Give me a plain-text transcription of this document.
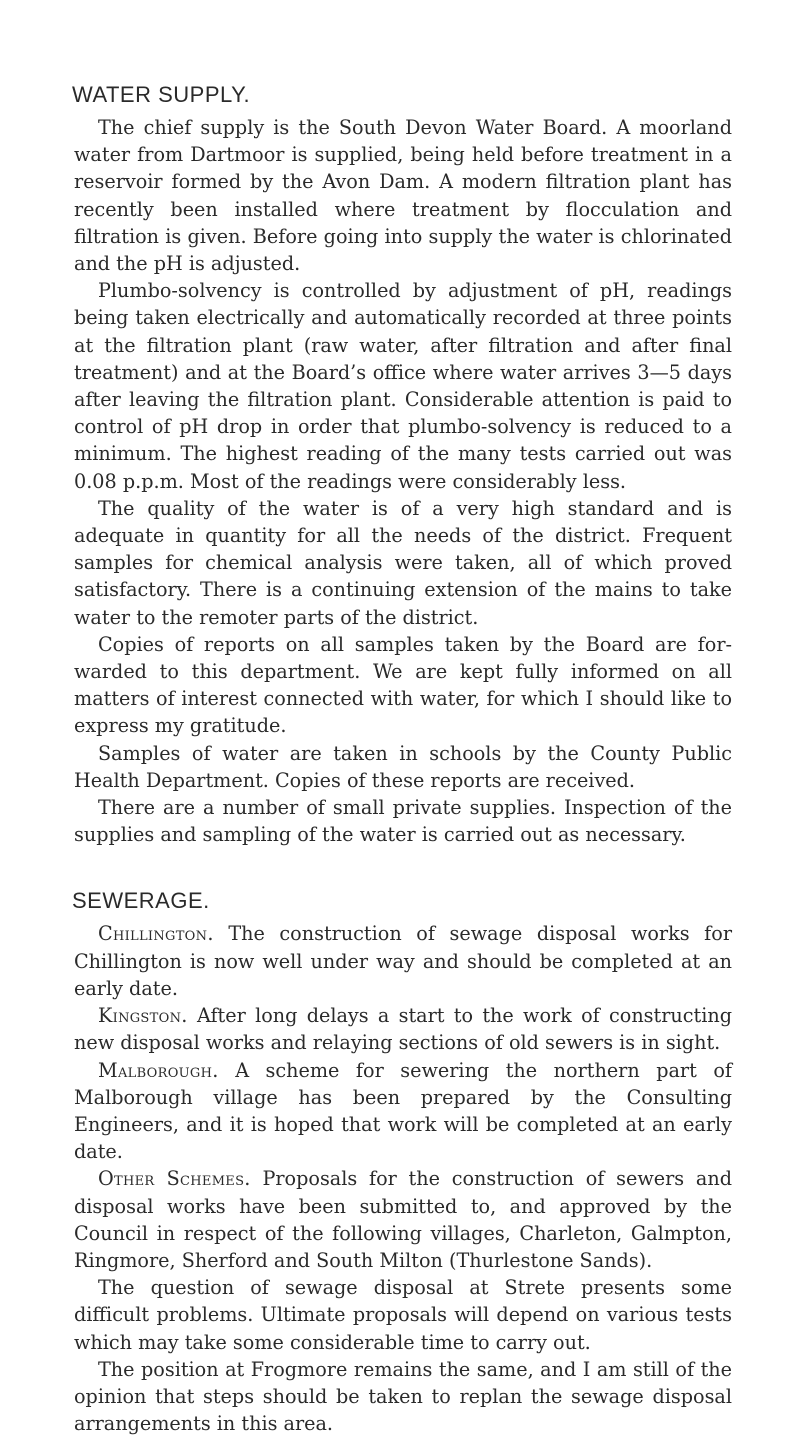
WATER SUPPLY.

The chief supply is the South Devon Water Board. A moorland water from Dartmoor is supplied, being held before treatment in a reservoir formed by the Avon Dam. A modern filtration plant has recently been installed where treatment by flocculation and filtration is given. Before going into supply the water is chlorinated and the pH is adjusted.

Plumbo-solvency is controlled by adjustment of pH, readings being taken electrically and automatically recorded at three points at the filtration plant (raw water, after filtration and after final treatment) and at the Board’s office where water arrives 3—5 days after leaving the filtration plant. Considerable attention is paid to control of pH drop in order that plumbo-solvency is reduced to a minimum. The highest reading of the many tests carried out was 0.08 p.p.m. Most of the readings were considerably less.

The quality of the water is of a very high standard and is adequate in quantity for all the needs of the district. Frequent samples for chemical analysis were taken, all of which proved satisfactory. There is a continuing extension of the mains to take water to the remoter parts of the district.

Copies of reports on all samples taken by the Board are forwarded to this department. We are kept fully informed on all matters of interest connected with water, for which I should like to express my gratitude.

Samples of water are taken in schools by the County Public Health Department. Copies of these reports are received.

There are a number of small private supplies. Inspection of the supplies and sampling of the water is carried out as necessary.

SEWERAGE.

Chillington. The construction of sewage disposal works for Chillington is now well under way and should be completed at an early date.

Kingston. After long delays a start to the work of constructing new disposal works and relaying sections of old sewers is in sight.

Malborough. A scheme for sewering the northern part of Malborough village has been prepared by the Consulting Engineers, and it is hoped that work will be completed at an early date.

Other Schemes. Proposals for the construction of sewers and disposal works have been submitted to, and approved by the Council in respect of the following villages, Charleton, Galmpton, Ringmore, Sherford and South Milton (Thurlestone Sands).

The question of sewage disposal at Strete presents some difficult problems. Ultimate proposals will depend on various tests which may take some considerable time to carry out.

The position at Frogmore remains the same, and I am still of the opinion that steps should be taken to replan the sewage disposal arrangements in this area.
